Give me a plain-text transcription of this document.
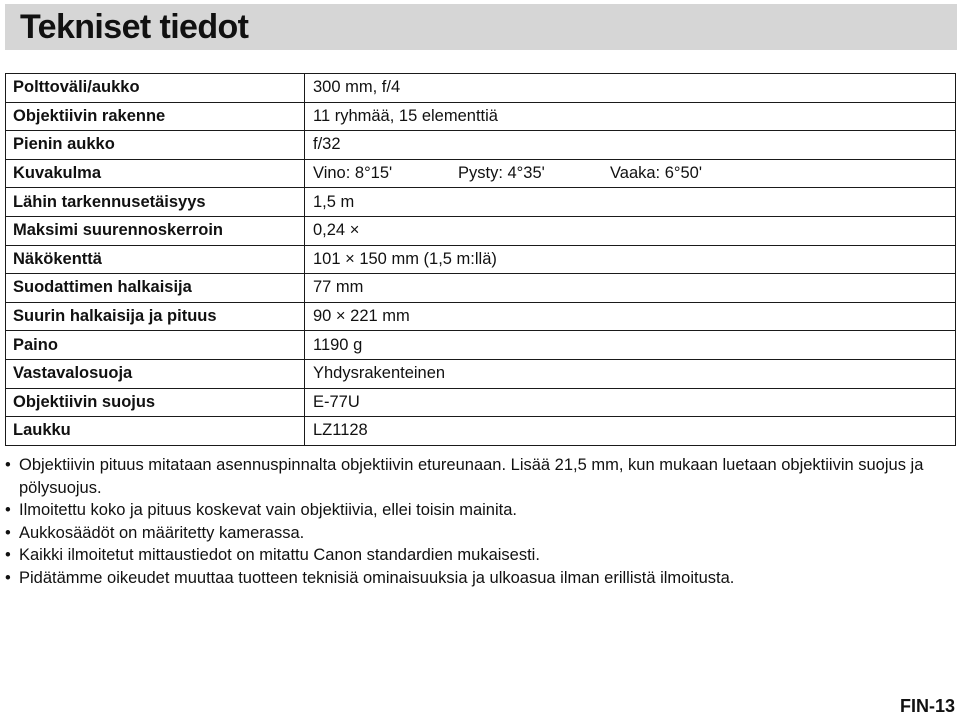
Tekniset tiedot
Polttoväli/aukko	300 mm, f/4
Objektiivin rakenne	11 ryhmää, 15 elementtiä
Pienin aukko	f/32
Kuvakulma	Vino: 8°15' Pysty: 4°35' Vaaka: 6°50'
Lähin tarkennusetäisyys	1,5 m
Maksimi suurennoskerroin	0,24 ×
Näkökenttä	101 × 150 mm (1,5 m:llä)
Suodattimen halkaisija	77 mm
Suurin halkaisija ja pituus	90 × 221 mm
Paino	1190 g
Vastavalosuoja	Yhdysrakenteinen
Objektiivin suojus	E-77U
Laukku	LZ1128
• Objektiivin pituus mitataan asennuspinnalta objektiivin etureunaan. Lisää 21,5 mm, kun mukaan luetaan objektiivin suojus ja pölysuojus.
• Ilmoitettu koko ja pituus koskevat vain objektiivia, ellei toisin mainita.
• Aukkosäädöt on määritetty kamerassa.
• Kaikki ilmoitetut mittaustiedot on mitattu Canon standardien mukaisesti.
• Pidätämme oikeudet muuttaa tuotteen teknisiä ominaisuuksia ja ulkoasua ilman erillistä ilmoitusta.
FIN-13
